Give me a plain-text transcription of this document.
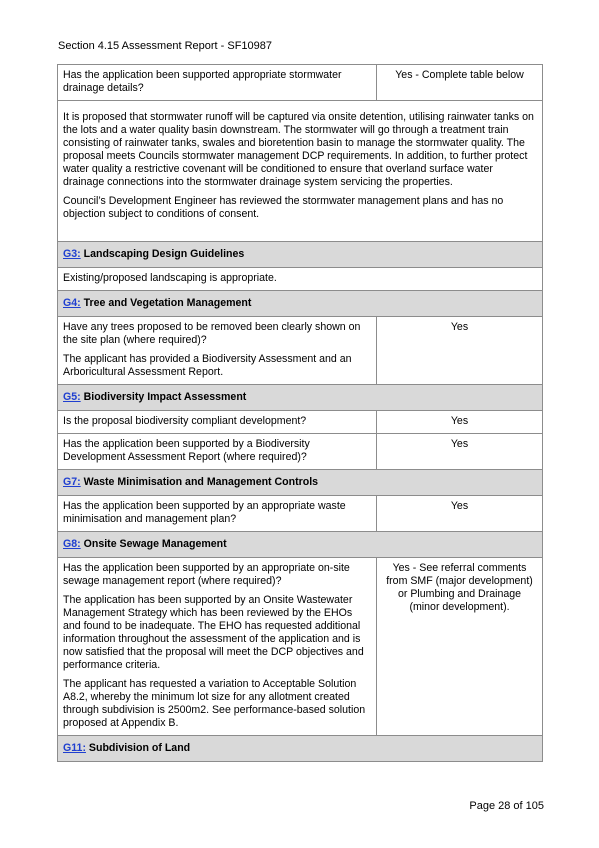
Section 4.15 Assessment Report - SF10987
Has the application been supported appropriate stormwater drainage details?	Yes - Complete table below

It is proposed that stormwater runoff will be captured via onsite detention, utilising rainwater tanks on the lots and a water quality basin downstream. The stormwater will go through a treatment train consisting of rainwater tanks, swales and bioretention basin to manage the stormwater quality. The proposal meets Councils stormwater management DCP requirements. In addition, to further protect water quality a restrictive covenant will be conditioned to ensure that overland surface water drainage connections into the stormwater drainage system servicing the properties.

Council’s Development Engineer has reviewed the stormwater management plans and has no objection subject to conditions of consent.	

G3: Landscaping Design Guidelines	
Existing/proposed landscaping is appropriate.	
G4: Tree and Vegetation Management	

Have any trees proposed to be removed been clearly shown on the site plan (where required)?

The applicant has provided a Biodiversity Assessment and an Arboricultural Assessment Report.	Yes
G5: Biodiversity Impact Assessment	
Is the proposal biodiversity compliant development?	Yes
Has the application been supported by a Biodiversity Development Assessment Report (where required)?	Yes
G7: Waste Minimisation and Management Controls	
Has the application been supported by an appropriate waste minimisation and management plan?	Yes
G8: Onsite Sewage Management	

Has the application been supported by an appropriate on-site sewage management report (where required)?

The application has been supported by an Onsite Wastewater Management Strategy which has been reviewed by the EHOs and found to be inadequate. The EHO has requested additional information throughout the assessment of the application and is now satisfied that the proposal will meet the DCP objectives and performance criteria.

The applicant has requested a variation to Acceptable Solution A8.2, whereby the minimum lot size for any allotment created through subdivision is 2500m2. See performance-based solution proposed at Appendix B.	Yes - See referral comments from SMF (major development) or Plumbing and Drainage (minor development).
G11: Subdivision of Land	
Page 28 of 105
